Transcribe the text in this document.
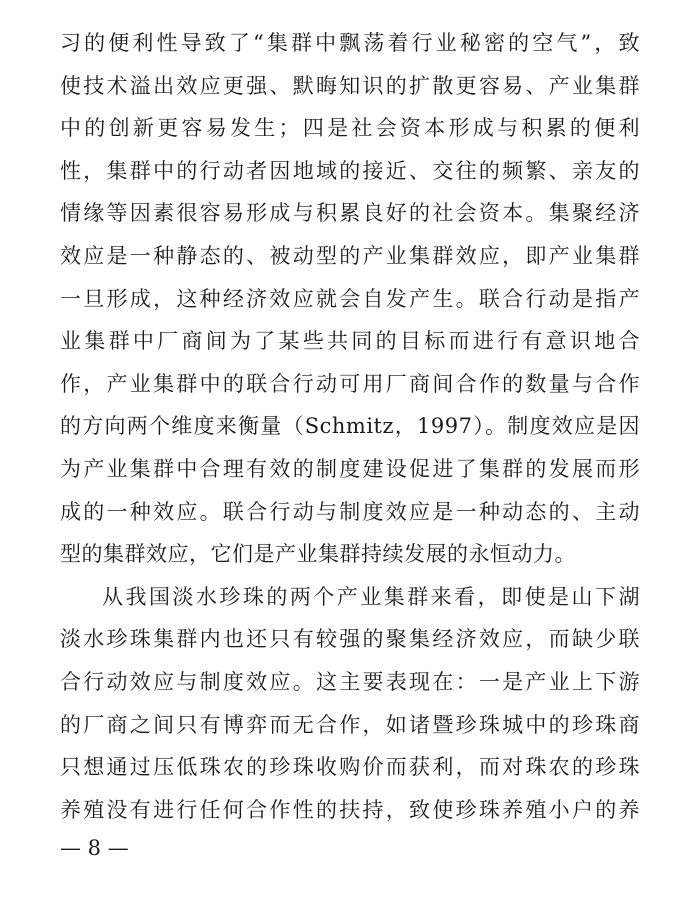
习的便利性导致了“集群中飘荡着行业秘密的空气”，致
使技术溢出效应更强、默晦知识的扩散更容易、产业集群
中的创新更容易发生；四是社会资本形成与积累的便利
性，集群中的行动者因地域的接近、交往的频繁、亲友的
情缘等因素很容易形成与积累良好的社会资本。集聚经济
效应是一种静态的、被动型的产业集群效应，即产业集群
一旦形成，这种经济效应就会自发产生。联合行动是指产
业集群中厂商间为了某些共同的目标而进行有意识地合
作，产业集群中的联合行动可用厂商间合作的数量与合作
的方向两个维度来衡量（Schmitz，1997）。制度效应是因
为产业集群中合理有效的制度建设促进了集群的发展而形
成的一种效应。联合行动与制度效应是一种动态的、主动
型的集群效应，它们是产业集群持续发展的永恒动力。
从我国淡水珍珠的两个产业集群来看，即使是山下湖
淡水珍珠集群内也还只有较强的聚集经济效应，而缺少联
合行动效应与制度效应。这主要表现在：一是产业上下游
的厂商之间只有博弈而无合作，如诸暨珍珠城中的珍珠商
只想通过压低珠农的珍珠收购价而获利，而对珠农的珍珠
养殖没有进行任何合作性的扶持，致使珍珠养殖小户的养
— 8 —
